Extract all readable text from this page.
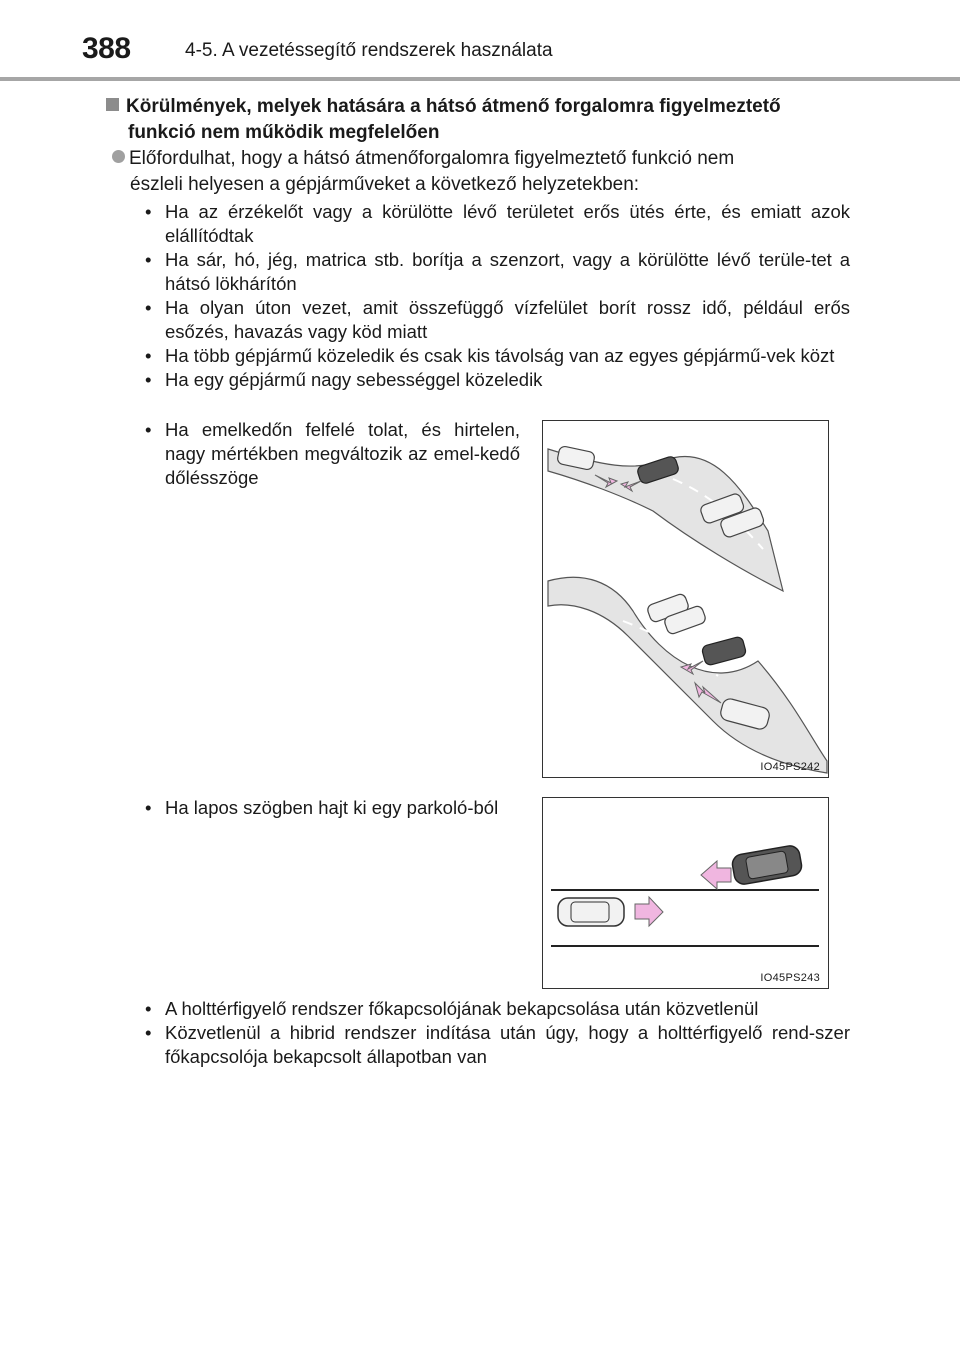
388	4-5. A vezetéssegítő rendszerek használata
Körülmények, melyek hatására a hátsó átmenő forgalomra figyelmeztető
funkció nem működik megfelelően
Előfordulhat, hogy a hátsó átmenőforgalomra figyelmeztető funkció nem
észleli helyesen a gépjárműveket a következő helyzetekben:
• Ha az érzékelőt vagy a körülötte lévő területet erős ütés érte, és emiatt azok elállítódtak
• Ha sár, hó, jég, matrica stb. borítja a szenzort, vagy a körülötte lévő terüle-tet a hátsó lökhárítón
• Ha olyan úton vezet, amit összefüggő vízfelület borít rossz idő, például erős esőzés, havazás vagy köd miatt
• Ha több gépjármű közeledik és csak kis távolság van az egyes gépjármű-vek közt
• Ha egy gépjármű nagy sebességgel közeledik
• Ha emelkedőn felfelé tolat, és hirtelen, nagy mértékben megváltozik az emel-kedő dőlésszöge
IO45PS242
• Ha lapos szögben hajt ki egy parkoló-ból
IO45PS243
• A holttérfigyelő rendszer főkapcsolójának bekapcsolása után közvetlenül
• Közvetlenül a hibrid rendszer indítása után úgy, hogy a holttérfigyelő rend-szer főkapcsolója bekapcsolt állapotban van
